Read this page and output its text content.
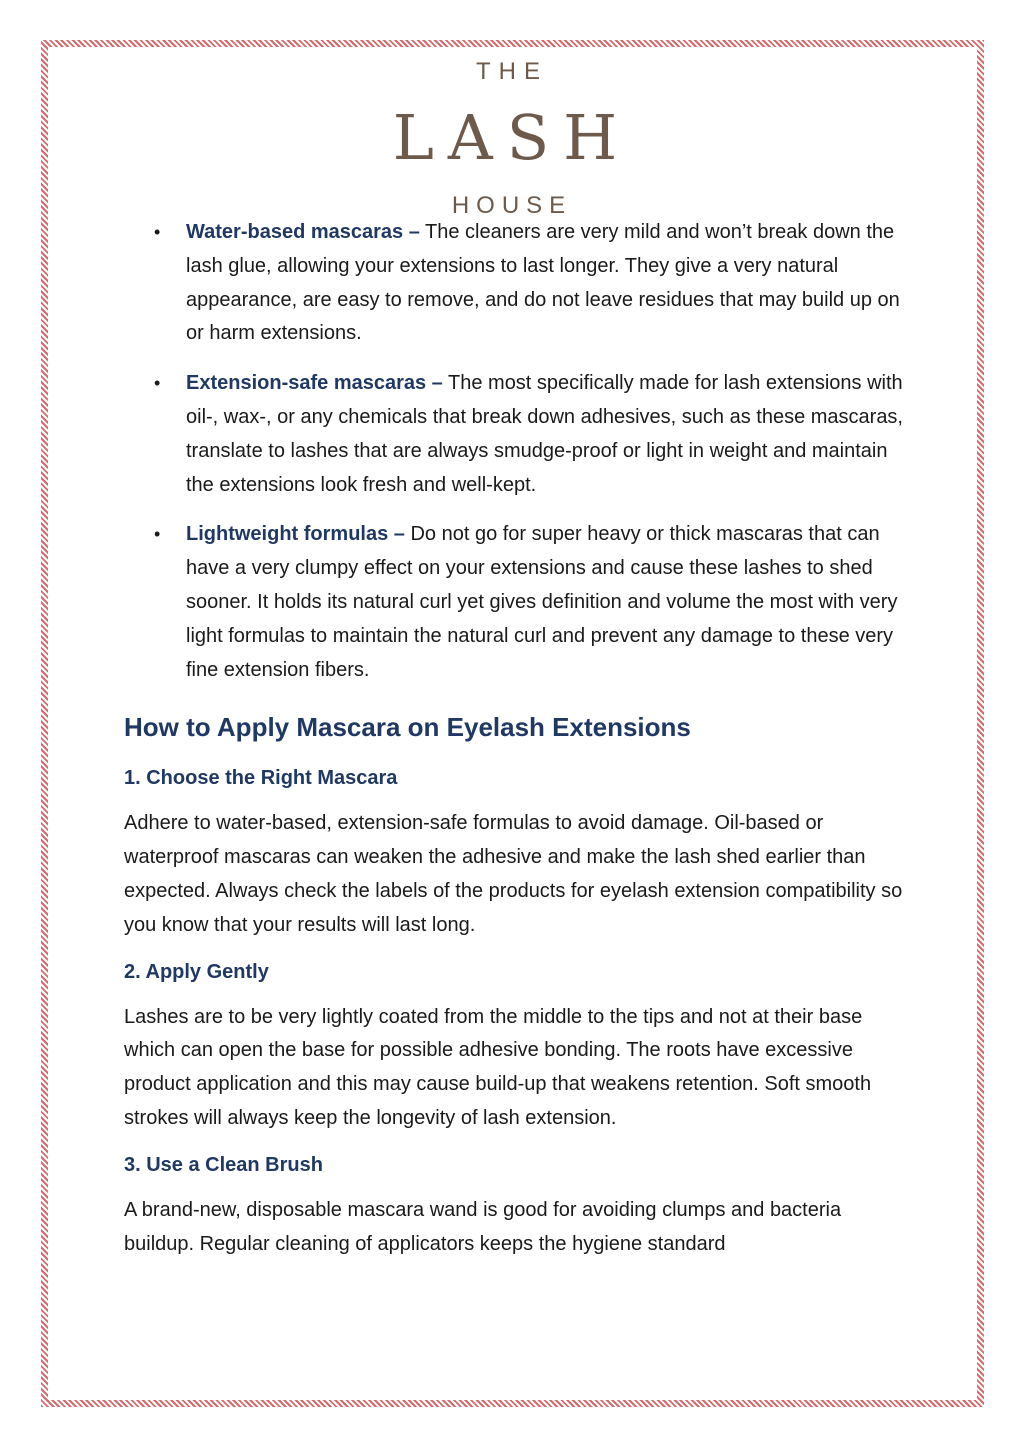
THE
LASH
HOUSE
• Water-based mascaras – The cleaners are very mild and won’t break down the lash glue, allowing your extensions to last longer. They give a very natural appearance, are easy to remove, and do not leave residues that may build up on or harm extensions.

• Extension-safe mascaras – The most specifically made for lash extensions with oil-, wax-, or any chemicals that break down adhesives, such as these mascaras, translate to lashes that are always smudge-proof or light in weight and maintain the extensions look fresh and well-kept.

• Lightweight formulas – Do not go for super heavy or thick mascaras that can have a very clumpy effect on your extensions and cause these lashes to shed sooner. It holds its natural curl yet gives definition and volume the most with very light formulas to maintain the natural curl and prevent any damage to these very fine extension fibers.

How to Apply Mascara on Eyelash Extensions
1. Choose the Right Mascara

Adhere to water-based, extension-safe formulas to avoid damage. Oil-based or waterproof mascaras can weaken the adhesive and make the lash shed earlier than expected. Always check the labels of the products for eyelash extension compatibility so you know that your results will last long.

2. Apply Gently

Lashes are to be very lightly coated from the middle to the tips and not at their base which can open the base for possible adhesive bonding. The roots have excessive product application and this may cause build-up that weakens retention. Soft smooth strokes will always keep the longevity of lash extension.

3. Use a Clean Brush

A brand-new, disposable mascara wand is good for avoiding clumps and bacteria buildup. Regular cleaning of applicators keeps the hygiene standard
